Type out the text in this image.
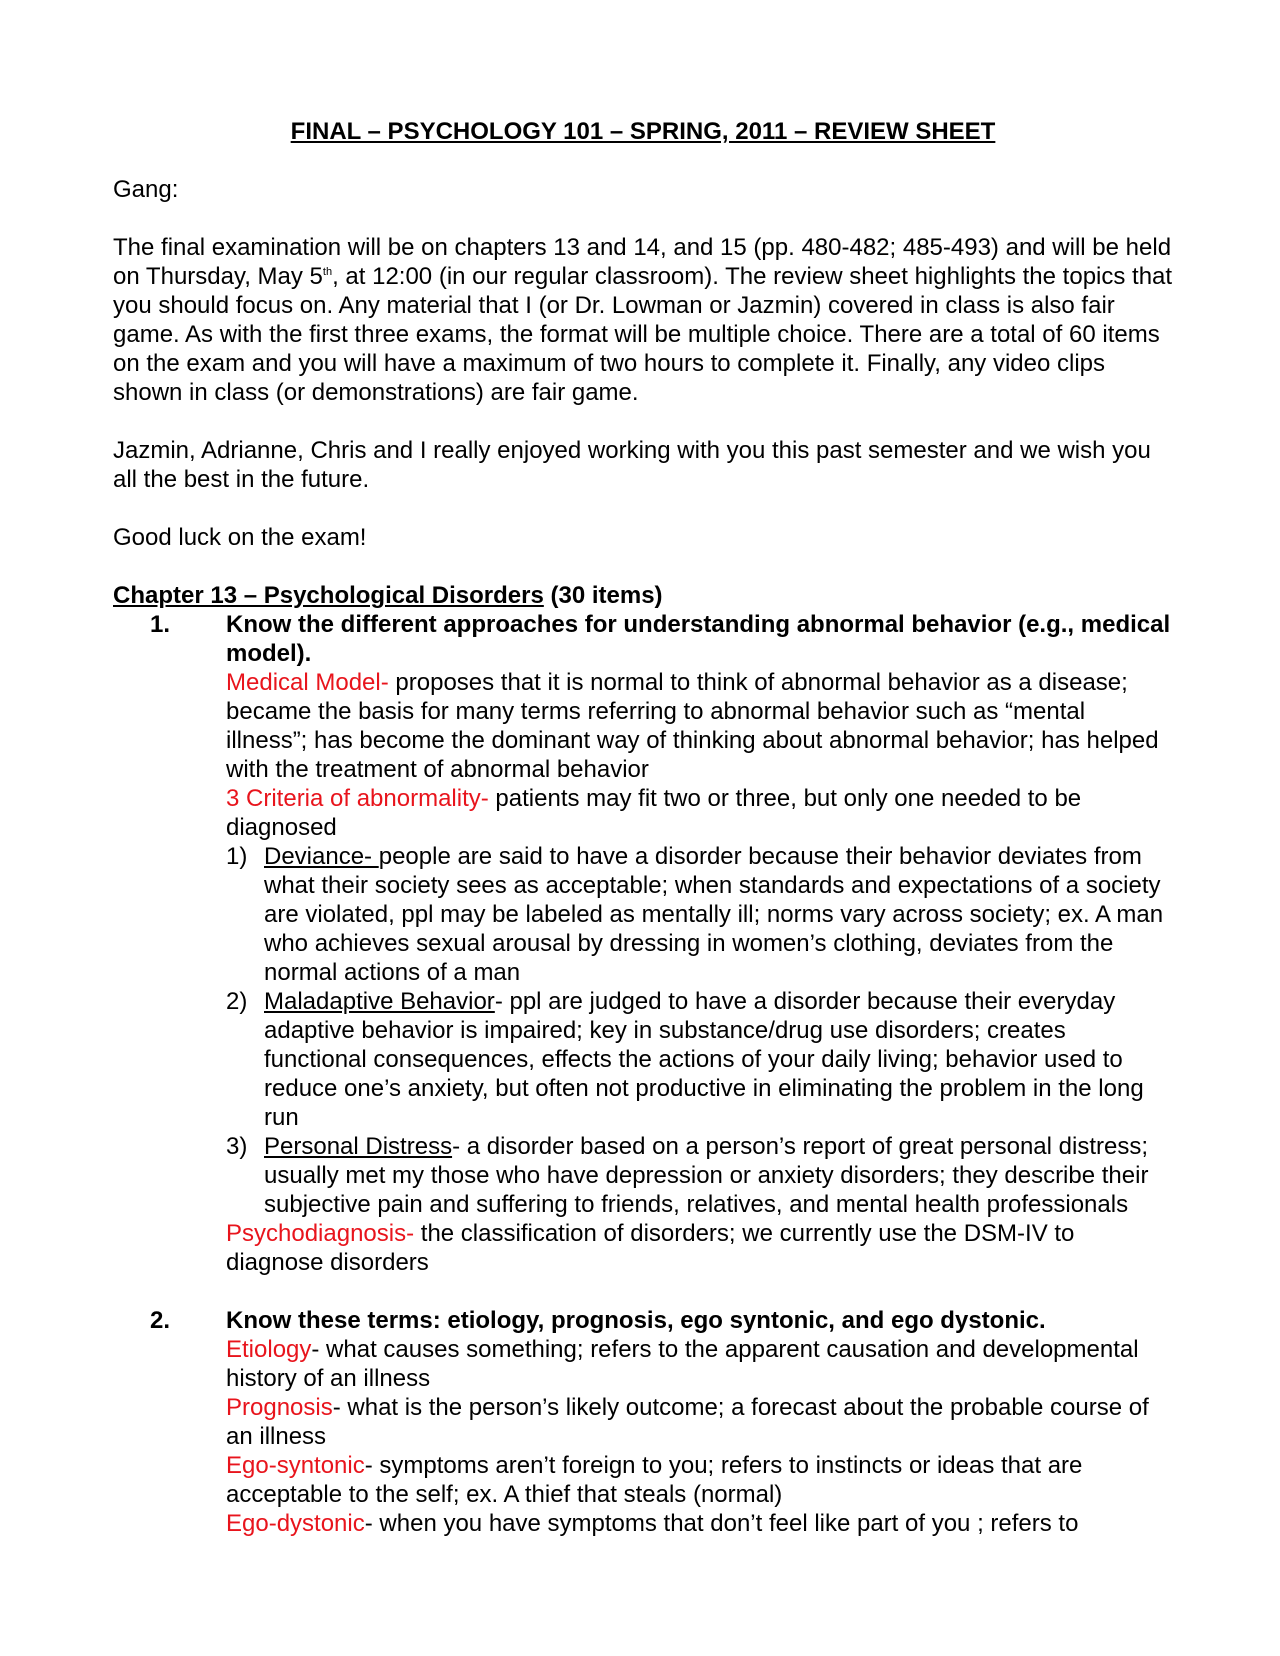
FINAL – PSYCHOLOGY 101 – SPRING, 2011 – REVIEW SHEET

Gang:

The final examination will be on chapters 13 and 14, and 15 (pp. 480-482; 485-493) and will be held on Thursday, May 5th, at 12:00 (in our regular classroom). The review sheet highlights the topics that you should focus on. Any material that I (or Dr. Lowman or Jazmin) covered in class is also fair game. As with the first three exams, the format will be multiple choice. There are a total of 60 items on the exam and you will have a maximum of two hours to complete it. Finally, any video clips shown in class (or demonstrations) are fair game.

Jazmin, Adrianne, Chris and I really enjoyed working with you this past semester and we wish you all the best in the future.

Good luck on the exam!

Chapter 13 – Psychological Disorders (30 items)
1. Know the different approaches for understanding abnormal behavior (e.g., medical model).
Medical Model- proposes that it is normal to think of abnormal behavior as a disease; became the basis for many terms referring to abnormal behavior such as “mental illness”; has become the dominant way of thinking about abnormal behavior; has helped with the treatment of abnormal behavior
3 Criteria of abnormality- patients may fit two or three, but only one needed to be diagnosed
1) Deviance- people are said to have a disorder because their behavior deviates from what their society sees as acceptable; when standards and expectations of a society are violated, ppl may be labeled as mentally ill; norms vary across society; ex. A man who achieves sexual arousal by dressing in women’s clothing, deviates from the normal actions of a man
2) Maladaptive Behavior- ppl are judged to have a disorder because their everyday adaptive behavior is impaired; key in substance/drug use disorders; creates functional consequences, effects the actions of your daily living; behavior used to reduce one’s anxiety, but often not productive in eliminating the problem in the long run
3) Personal Distress- a disorder based on a person’s report of great personal distress; usually met my those who have depression or anxiety disorders; they describe their subjective pain and suffering to friends, relatives, and mental health professionals
Psychodiagnosis- the classification of disorders; we currently use the DSM-IV to diagnose disorders
2. Know these terms: etiology, prognosis, ego syntonic, and ego dystonic.
Etiology- what causes something; refers to the apparent causation and developmental history of an illness
Prognosis- what is the person’s likely outcome; a forecast about the probable course of an illness
Ego-syntonic- symptoms aren’t foreign to you; refers to instincts or ideas that are acceptable to the self; ex. A thief that steals (normal)
Ego-dystonic- when you have symptoms that don’t feel like part of you ; refers to
